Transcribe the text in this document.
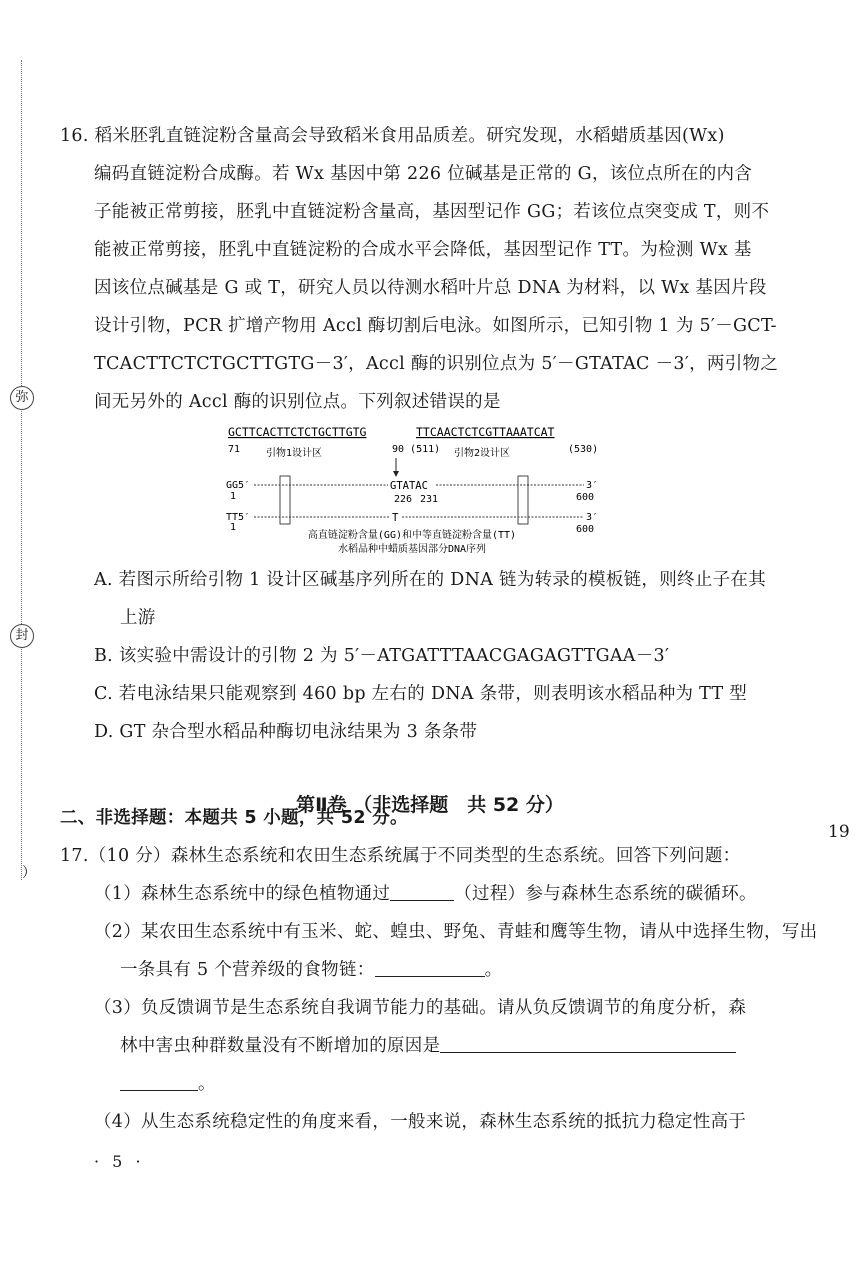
弥
封
）
16. 稻米胚乳直链淀粉含量高会导致稻米食用品质差。研究发现，水稻蜡质基因(Wx)
编码直链淀粉合成酶。若 Wx 基因中第 226 位碱基是正常的 G，该位点所在的内含
子能被正常剪接，胚乳中直链淀粉含量高，基因型记作 GG；若该位点突变成 T，则不
能被正常剪接，胚乳中直链淀粉的合成水平会降低，基因型记作 TT。为检测 Wx 基
因该位点碱基是 G 或 T，研究人员以待测水稻叶片总 DNA 为材料，以 Wx 基因片段
设计引物，PCR 扩增产物用 Accl 酶切割后电泳。如图所示，已知引物 1 为 5′－GCT-
TCACTTCTCTGCTTGTG－3′，Accl 酶的识别位点为 5′－GTATAC －3′，两引物之
间无另外的 Accl 酶的识别位点。下列叙述错误的是
GCTTCACTTCTCTGCTTGTG	TTCAACTCTCGTTAAATCAT
71	引物1设计区	90 (511) 引物2设计区	(530)
GG5′
1
GTATAC	3′
226 231	600
TT5′
1
T	3′
600
高直链淀粉含量(GG)和中等直链淀粉含量(TT)
水稻品种中蜡质基因部分DNA序列
A. 若图示所给引物 1 设计区碱基序列所在的 DNA 链为转录的模板链，则终止子在其
上游
B. 该实验中需设计的引物 2 为 5′－ATGATTTAACGAGAGTTGAA－3′
C. 若电泳结果只能观察到 460 bp 左右的 DNA 条带，则表明该水稻品种为 TT 型
D. GT 杂合型水稻品种酶切电泳结果为 3 条条带
第Ⅱ卷 （非选择题　共 52 分）
二、非选择题：本题共 5 小题，共 52 分。
17.（10 分）森林生态系统和农田生态系统属于不同类型的生态系统。回答下列问题：
（1）森林生态系统中的绿色植物通过	（过程）参与森林生态系统的碳循环。
（2）某农田生态系统中有玉米、蛇、蝗虫、野兔、青蛙和鹰等生物，请从中选择生物，写出
一条具有 5 个营养级的食物链：	。
（3）负反馈调节是生态系统自我调节能力的基础。请从负反馈调节的角度分析，森
林中害虫种群数量没有不断增加的原因是
。
（4）从生态系统稳定性的角度来看，一般来说，森林生态系统的抵抗力稳定性高于
· 5 ·
19
